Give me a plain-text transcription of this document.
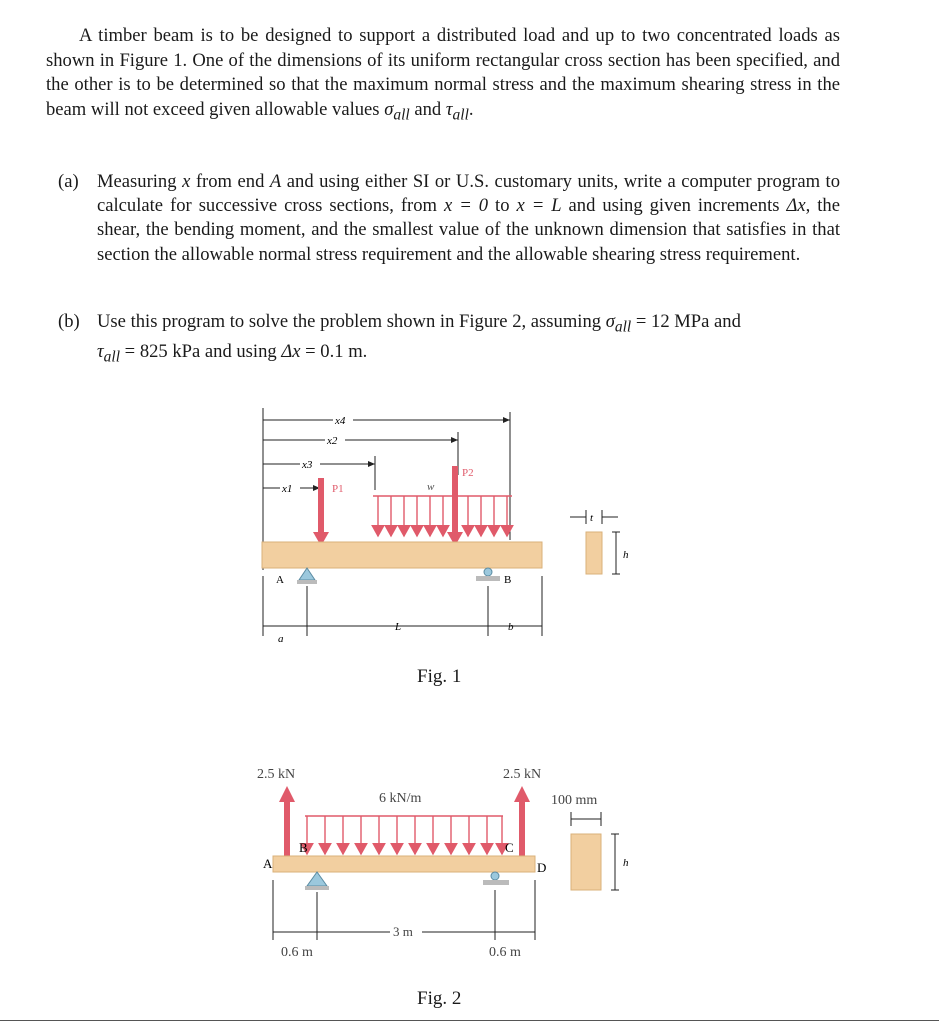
A timber beam is to be designed to support a distributed load and up to two concentrated loads as shown in Figure 1. One of the dimensions of its uniform rectangular cross section has been specified, and the other is to be determined so that the maximum normal stress and the maximum shearing stress in the beam will not exceed given allowable values $\sigma_{all}$ and $\tau_{all}$.

(a) Measuring x from end A and using either SI or U.S. customary units, write a computer program to calculate for successive cross sections, from x = 0 to x = L and using given increments Δx, the shear, the bending moment, and the smallest value of the unknown dimension that satisfies in that section the allowable normal stress requirement and the allowable shearing stress requirement.
(b) Use this program to solve the problem shown in Figure 2, assuming $\sigma_{all} = 12$ MPa and
$\tau_{all} = 825$ kPa and using Δx = 0.1 m.
x4
x2
x3
x1	w
P1
P2
A	B
a
L	b
t
h
Fig. 1
2.5 kN	2.5 kN
6 kN/m	100 mm
A
B	C
D
3 m
0.6 m	0.6 m
h
Fig. 2
